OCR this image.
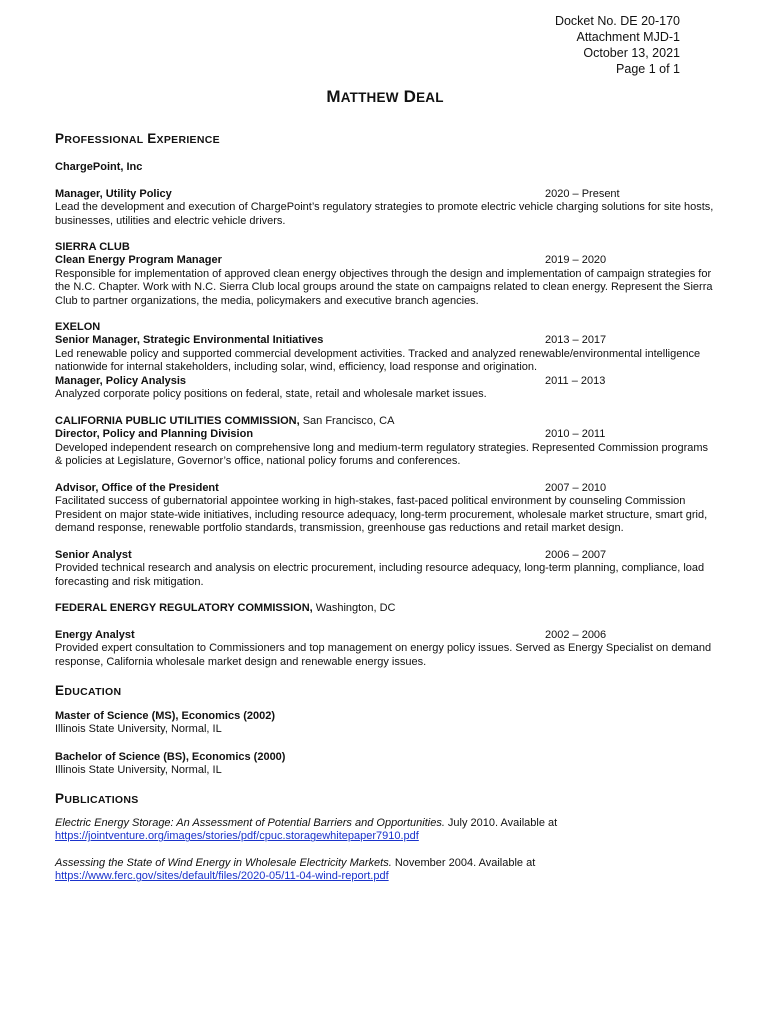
Docket No. DE 20-170
Attachment MJD-1
October 13, 2021
Page 1 of 1
MATTHEW DEAL
PROFESSIONAL EXPERIENCE
ChargePoint, Inc
Manager, Utility Policy	2020 – Present
Lead the development and execution of ChargePoint’s regulatory strategies to promote electric vehicle charging solutions for site hosts, businesses, utilities and electric vehicle drivers.
SIERRA CLUB
Clean Energy Program Manager	2019 – 2020
Responsible for implementation of approved clean energy objectives through the design and implementation of campaign strategies for the N.C. Chapter. Work with N.C. Sierra Club local groups around the state on campaigns related to clean energy. Represent the Sierra Club to partner organizations, the media, policymakers and executive branch agencies.
EXELON
Senior Manager, Strategic Environmental Initiatives	2013 – 2017
Led renewable policy and supported commercial development activities. Tracked and analyzed renewable/environmental intelligence nationwide for internal stakeholders, including solar, wind, efficiency, load response and origination.
Manager, Policy Analysis	2011 – 2013
Analyzed corporate policy positions on federal, state, retail and wholesale market issues.
CALIFORNIA PUBLIC UTILITIES COMMISSION, San Francisco, CA
Director, Policy and Planning Division	2010 – 2011
Developed independent research on comprehensive long and medium-term regulatory strategies. Represented Commission programs & policies at Legislature, Governor’s office, national policy forums and conferences.
Advisor, Office of the President	2007 – 2010
Facilitated success of gubernatorial appointee working in high-stakes, fast-paced political environment by counseling Commission President on major state-wide initiatives, including resource adequacy, long-term procurement, wholesale market structure, smart grid, demand response, renewable portfolio standards, transmission, greenhouse gas reductions and retail market design.
Senior Analyst	2006 – 2007
Provided technical research and analysis on electric procurement, including resource adequacy, long-term planning, compliance, load forecasting and risk mitigation.
FEDERAL ENERGY REGULATORY COMMISSION, Washington, DC
Energy Analyst	2002 – 2006
Provided expert consultation to Commissioners and top management on energy policy issues. Served as Energy Specialist on demand response, California wholesale market design and renewable energy issues.
EDUCATION
Master of Science (MS), Economics (2002)
Illinois State University, Normal, IL
Bachelor of Science (BS), Economics (2000)
Illinois State University, Normal, IL
PUBLICATIONS
Electric Energy Storage: An Assessment of Potential Barriers and Opportunities. July 2010. Available at
https://jointventure.org/images/stories/pdf/cpuc.storagewhitepaper7910.pdf
Assessing the State of Wind Energy in Wholesale Electricity Markets. November 2004. Available at
https://www.ferc.gov/sites/default/files/2020-05/11-04-wind-report.pdf
